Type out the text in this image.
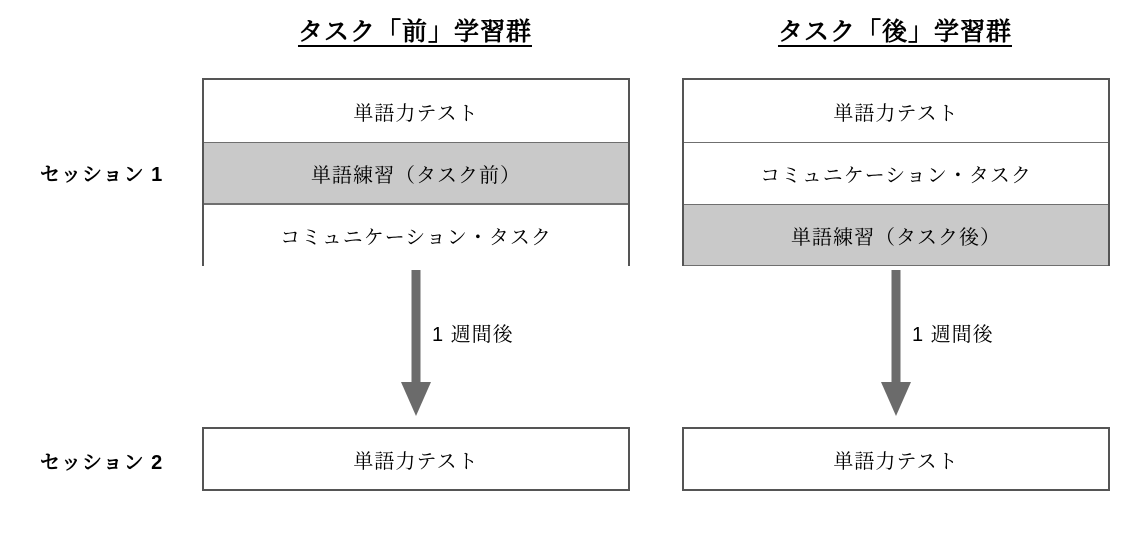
タスク「前」学習群	タスク「後」学習群
セッション 1
セッション 2
単語力テスト
単語練習（タスク前）
コミュニケーション・タスク
単語力テスト
コミュニケーション・タスク
単語練習（タスク後）
1 週間後	1 週間後
単語力テスト	単語力テスト
